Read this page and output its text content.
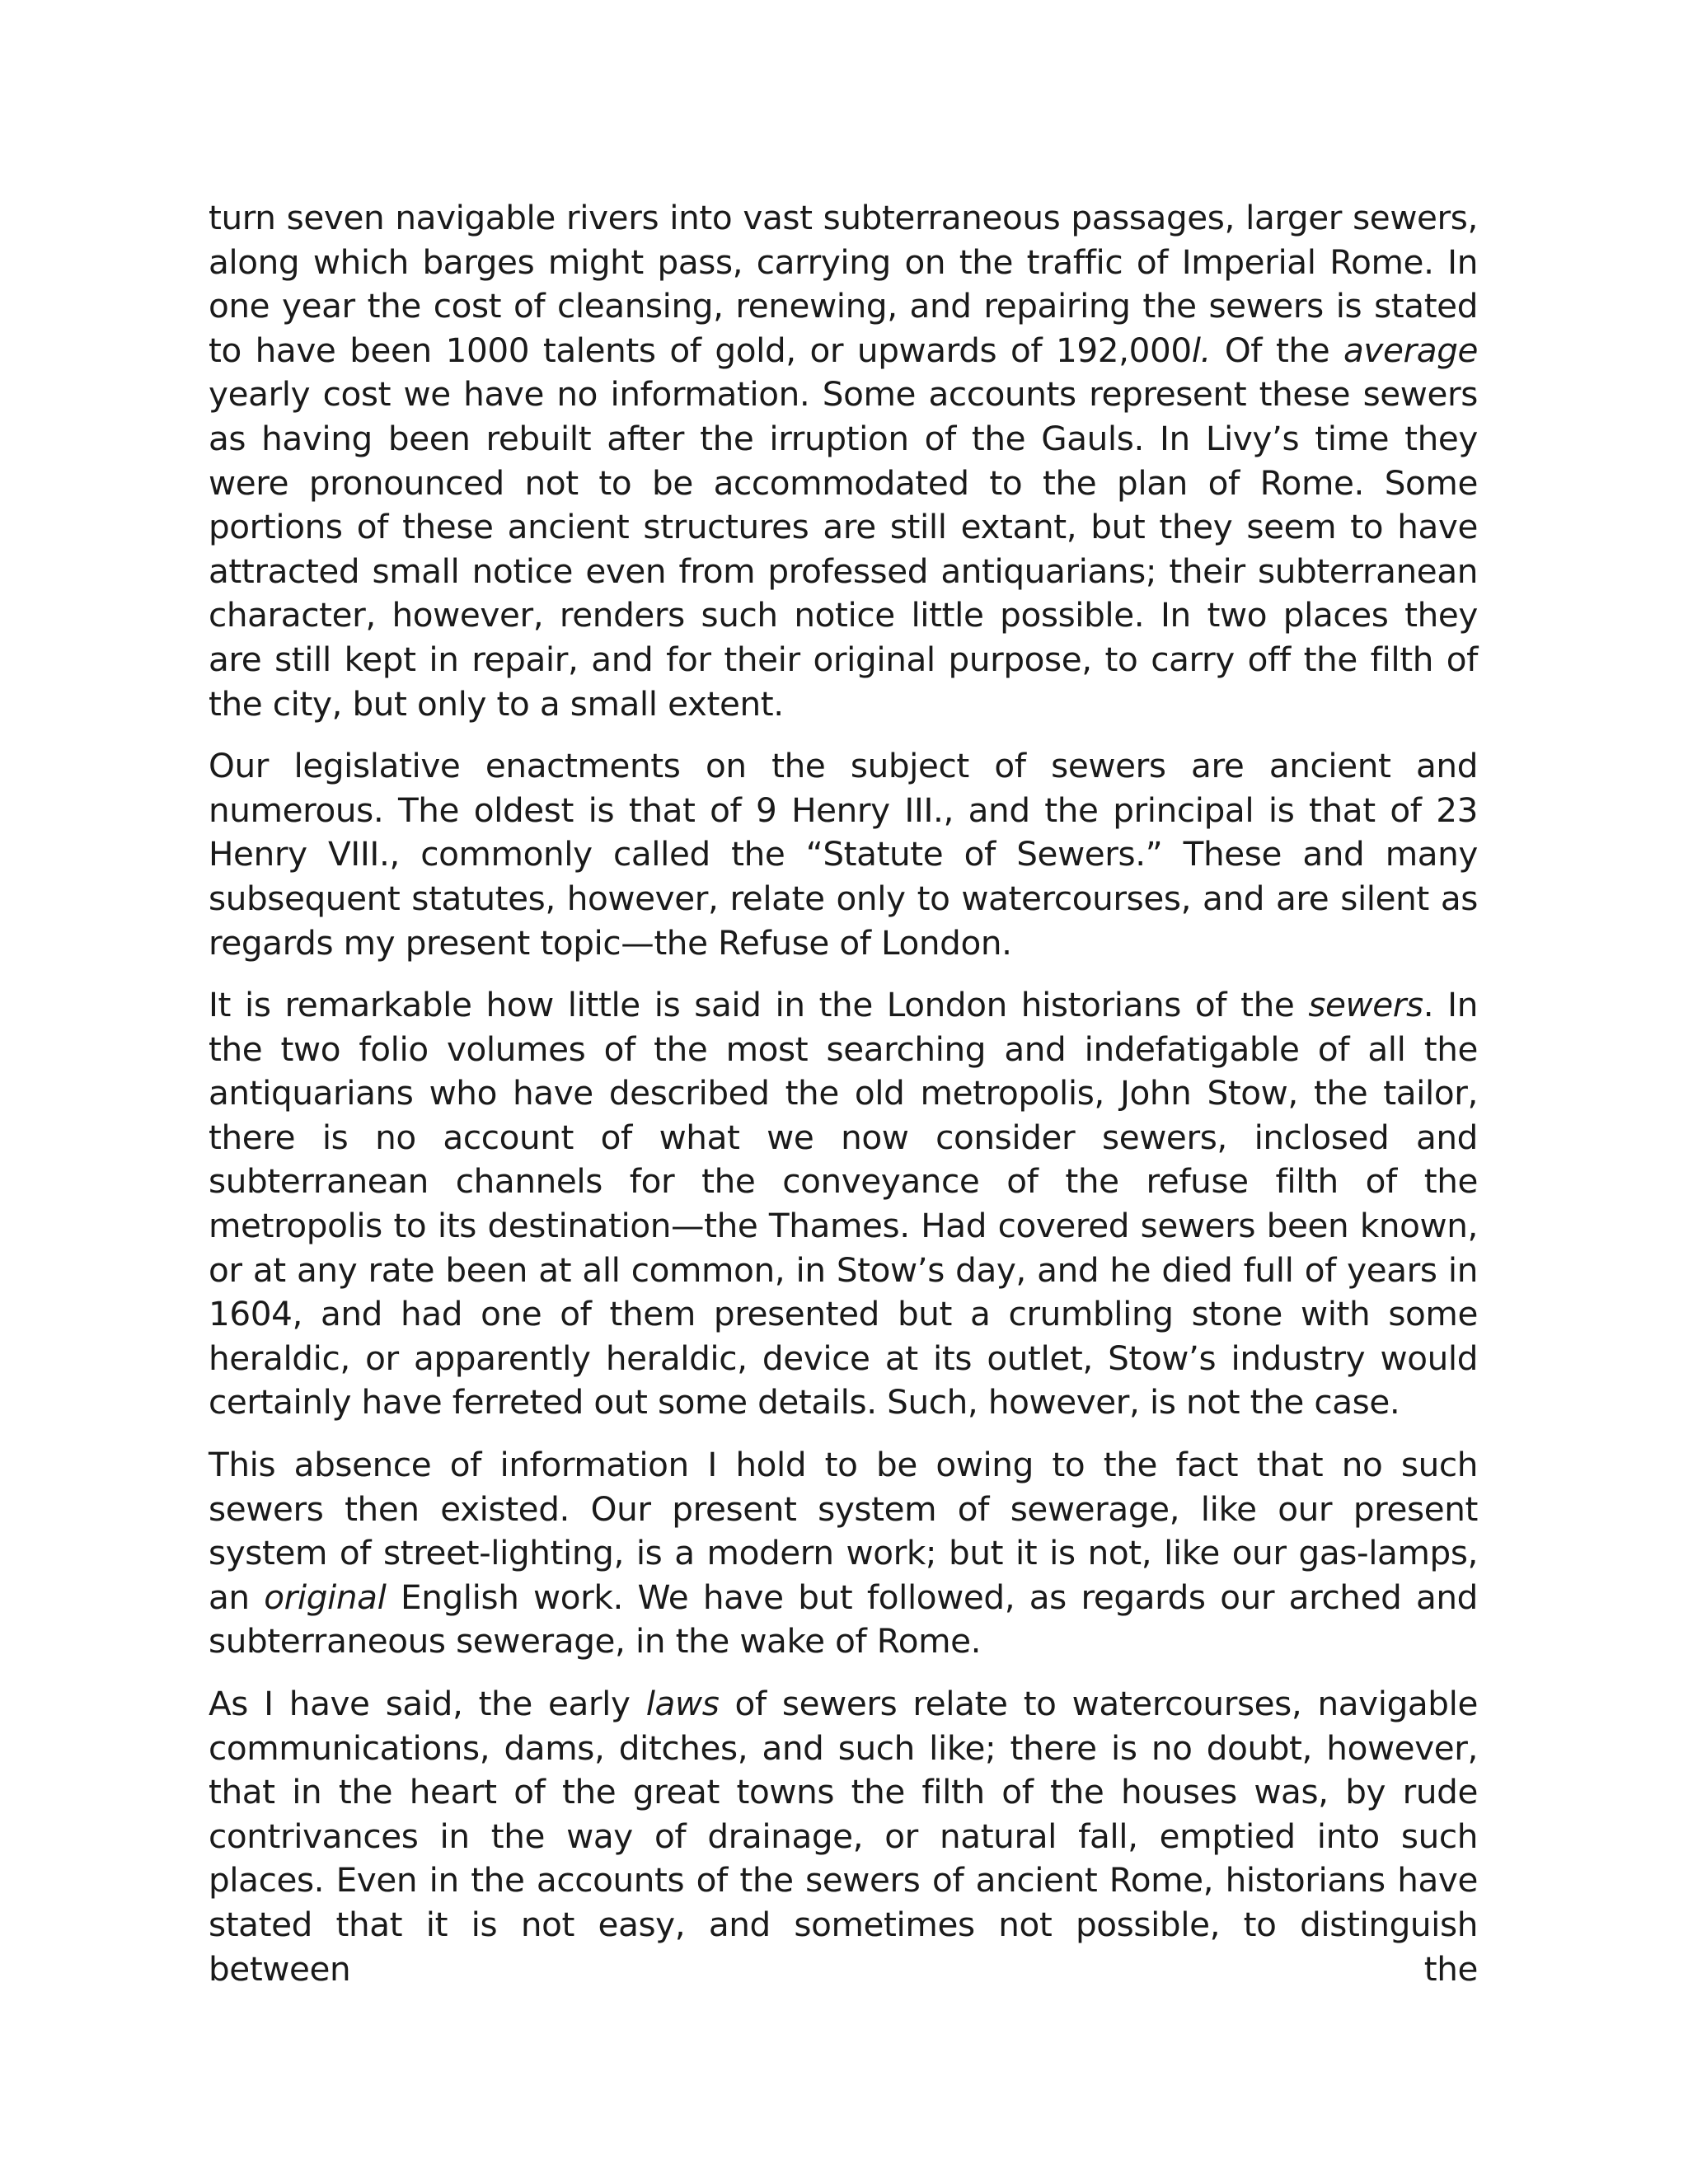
turn seven navigable rivers into vast subterraneous passages, larger sewers, along which barges might pass, carrying on the traffic of Imperial Rome. In one year the cost of cleansing, renewing, and repairing the sewers is stated to have been 1000 talents of gold, or upwards of 192,000l. Of the average yearly cost we have no information. Some accounts represent these sewers as having been rebuilt after the irruption of the Gauls. In Livy’s time they were pronounced not to be accommodated to the plan of Rome. Some portions of these ancient structures are still extant, but they seem to have attracted small notice even from professed antiquarians; their subterranean character, however, renders such notice little possible. In two places they are still kept in repair, and for their original purpose, to carry off the filth of the city, but only to a small extent.

Our legislative enactments on the subject of sewers are ancient and numerous. The oldest is that of 9 Henry III., and the principal is that of 23 Henry VIII., commonly called the “Statute of Sewers.” These and many subsequent statutes, however, relate only to watercourses, and are silent as regards my present topic—the Refuse of London.

It is remarkable how little is said in the London historians of the sewers. In the two folio volumes of the most searching and indefatigable of all the antiquarians who have described the old metropolis, John Stow, the tailor, there is no account of what we now consider sewers, inclosed and subterranean channels for the conveyance of the refuse filth of the metropolis to its destination—the Thames. Had covered sewers been known, or at any rate been at all common, in Stow’s day, and he died full of years in 1604, and had one of them presented but a crumbling stone with some heraldic, or apparently heraldic, device at its outlet, Stow’s industry would certainly have ferreted out some details. Such, however, is not the case.

This absence of information I hold to be owing to the fact that no such sewers then existed. Our present system of sewerage, like our present system of street-lighting, is a modern work; but it is not, like our gas-lamps, an original English work. We have but followed, as regards our arched and subterraneous sewerage, in the wake of Rome.

As I have said, the early laws of sewers relate to watercourses, navigable communications, dams, ditches, and such like; there is no doubt, however, that in the heart of the great towns the filth of the houses was, by rude contrivances in the way of drainage, or natural fall, emptied into such places. Even in the accounts of the sewers of ancient Rome, historians have stated that it is not easy, and sometimes not possible, to distinguish between the
